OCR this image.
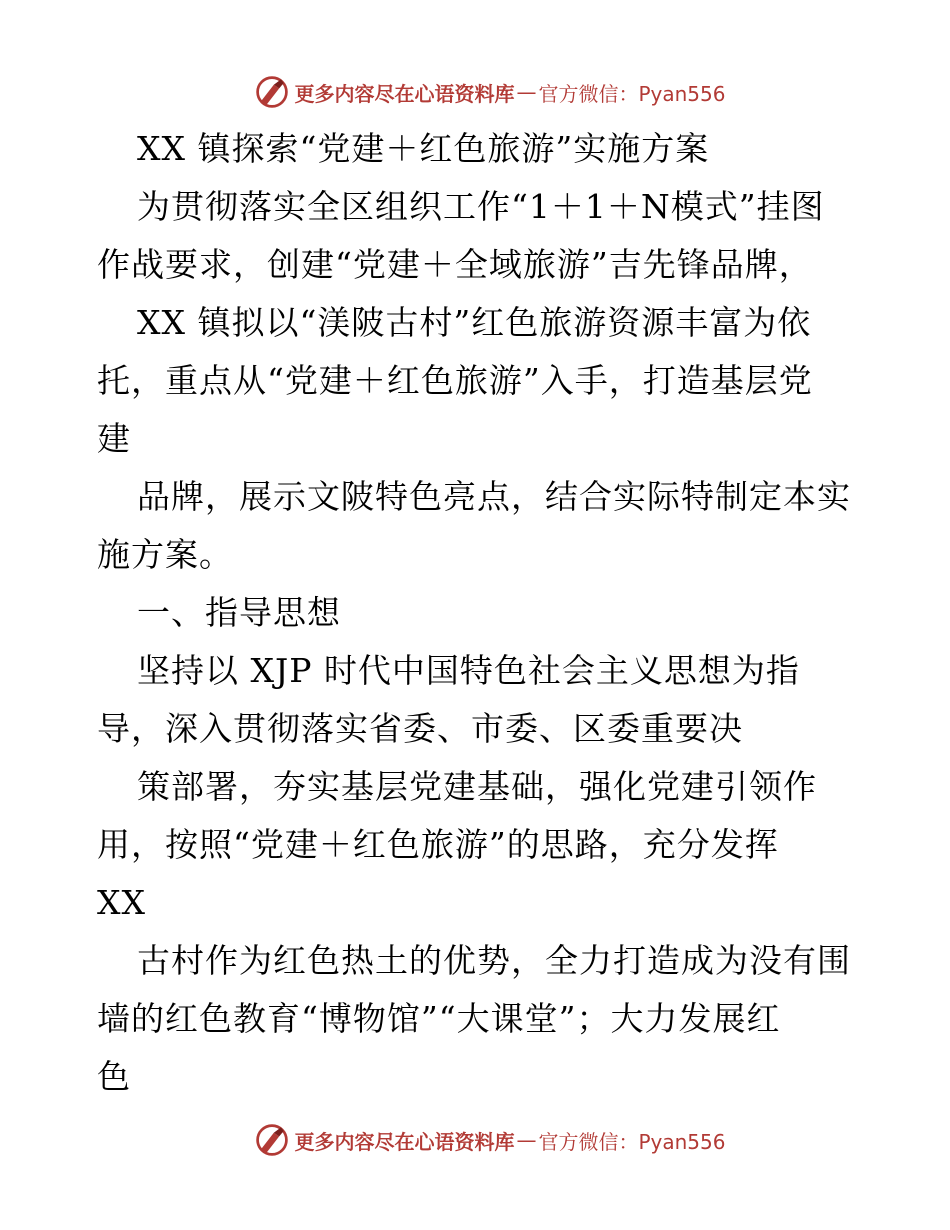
更多内容尽在心语资料库 — 官方微信：Pyan556
XX 镇探索“党建＋红色旅游”实施方案
为贯彻落实全区组织工作“1＋1＋N模式”挂图
作战要求，创建“党建＋全域旅游”吉先锋品牌，
XX 镇拟以“渼陂古村”红色旅游资源丰富为依
托，重点从“党建＋红色旅游”入手，打造基层党
建
品牌，展示文陂特色亮点，结合实际特制定本实
施方案。
一、指导思想
坚持以 XJP 时代中国特色社会主义思想为指
导，深入贯彻落实省委、市委、区委重要决
策部署，夯实基层党建基础，强化党建引领作
用，按照“党建＋红色旅游”的思路，充分发挥
XX
古村作为红色热土的优势，全力打造成为没有围
墙的红色教育“博物馆”“大课堂”；大力发展红
色
更多内容尽在心语资料库 — 官方微信：Pyan556
